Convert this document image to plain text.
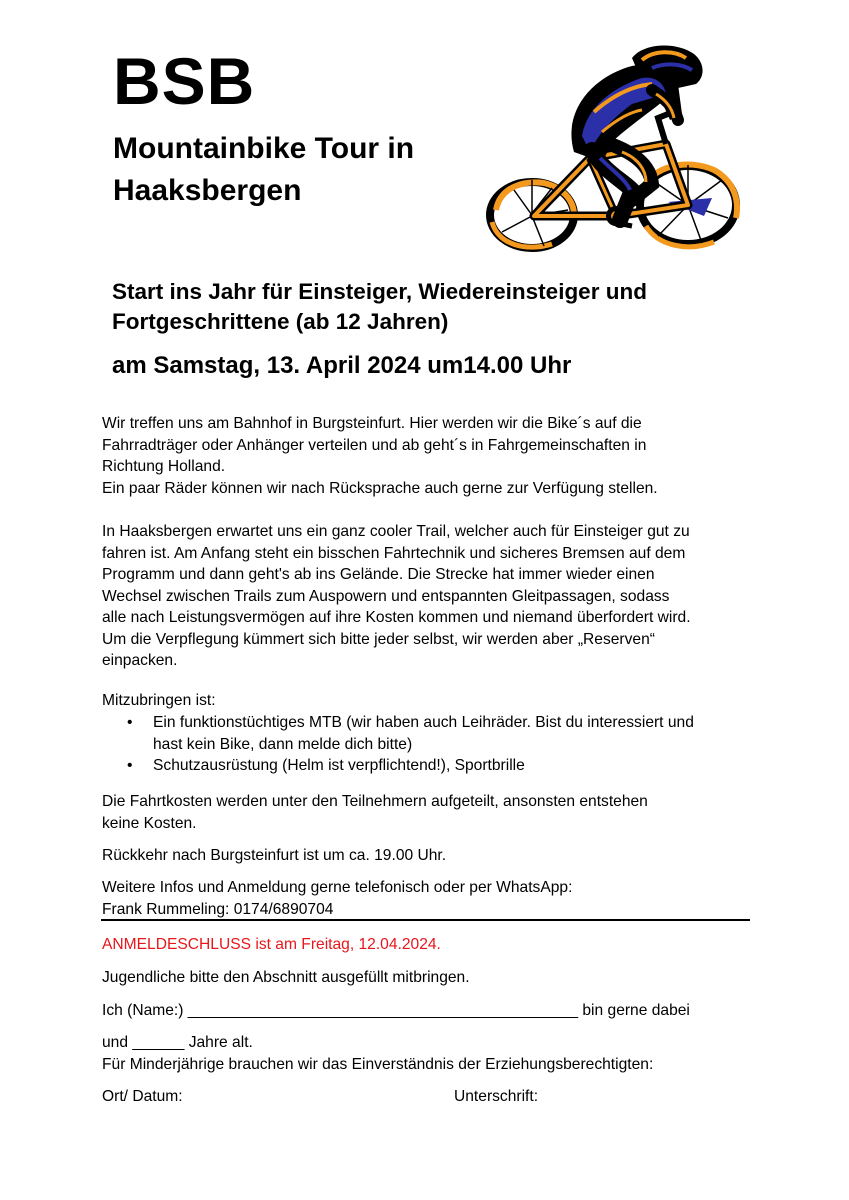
BSB
Mountainbike Tour in
Haaksbergen
Start ins Jahr für Einsteiger, Wiedereinsteiger und
Fortgeschrittene (ab 12 Jahren)
am Samstag, 13. April 2024 um14.00 Uhr

Wir treffen uns am Bahnhof in Burgsteinfurt. Hier werden wir die Bike´s auf die

Fahrradträger oder Anhänger verteilen und ab geht´s in Fahrgemeinschaften in

Richtung Holland.

Ein paar Räder können wir nach Rücksprache auch gerne zur Verfügung stellen.

In Haaksbergen erwartet uns ein ganz cooler Trail, welcher auch für Einsteiger gut zu

fahren ist. Am Anfang steht ein bisschen Fahrtechnik und sicheres Bremsen auf dem

Programm und dann geht's ab ins Gelände. Die Strecke hat immer wieder einen

Wechsel zwischen Trails zum Auspowern und entspannten Gleitpassagen, sodass

alle nach Leistungsvermögen auf ihre Kosten kommen und niemand überfordert wird.

Um die Verpflegung kümmert sich bitte jeder selbst, wir werden aber „Reserven“

einpacken.

Mitzubringen ist:
• Ein funktionstüchtiges MTB (wir haben auch Leihräder. Bist du interessiert und
hast kein Bike, dann melde dich bitte)
• Schutzausrüstung (Helm ist verpflichtend!), Sportbrille

Die Fahrtkosten werden unter den Teilnehmern aufgeteilt, ansonsten entstehen

keine Kosten.

Rückkehr nach Burgsteinfurt ist um ca. 19.00 Uhr.

Weitere Infos und Anmeldung gerne telefonisch oder per WhatsApp:

Frank Rummeling: 0174/6890704

ANMELDESCHLUSS ist am Freitag, 12.04.2024.
Jugendliche bitte den Abschnitt ausgefüllt mitbringen.
Ich (Name:) _____________________________________________ bin gerne dabei
und ______ Jahre alt.
Für Minderjährige brauchen wir das Einverständnis der Erziehungsberechtigten:
Ort/ Datum:	Unterschrift:
